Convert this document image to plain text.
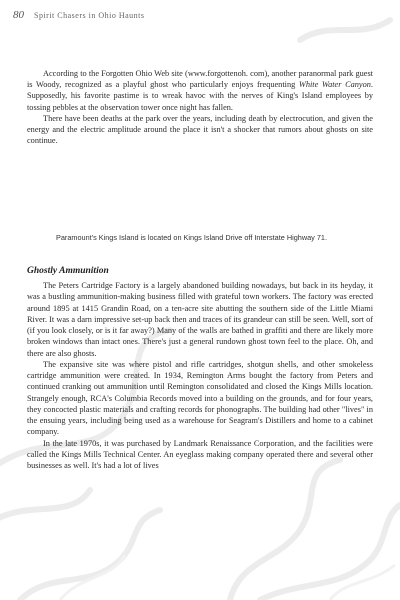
80 Spirit Chasers in Ohio Haunts

According to the Forgotten Ohio Web site (www.forgottenoh. com), another paranormal park guest is Woody, recognized as a playful ghost who particularly enjoys frequenting White Water Canyon. Supposedly, his favorite pastime is to wreak havoc with the nerves of King's Island employees by tossing pebbles at the observation tower once night has fallen.

There have been deaths at the park over the years, including death by electrocution, and given the energy and the electric amplitude around the place it isn't a shocker that rumors about ghosts on site continue.

Paramount's Kings Island is located on Kings Island Drive off Interstate Highway 71.

Ghostly Ammunition

The Peters Cartridge Factory is a largely abandoned building nowadays, but back in its heyday, it was a bustling ammunition-making business filled with grateful town workers. The factory was erected around 1895 at 1415 Grandin Road, on a ten-acre site abutting the southern side of the Little Miami River. It was a darn impressive set-up back then and traces of its grandeur can still be seen. Well, sort of (if you look closely, or is it far away?) Many of the walls are bathed in graffiti and there are likely more broken windows than intact ones. There's just a general rundown ghost town feel to the place. Oh, and there are also ghosts.

The expansive site was where pistol and rifle cartridges, shotgun shells, and other smokeless cartridge ammunition were created. In 1934, Remington Arms bought the factory from Peters and continued cranking out ammunition until Remington consolidated and closed the Kings Mills location. Strangely enough, RCA's Columbia Records moved into a building on the grounds, and for four years, they concocted plastic materials and crafting records for phonographs. The building had other "lives" in the ensuing years, including being used as a warehouse for Seagram's Distillers and home to a cabinet company.

In the late 1970s, it was purchased by Landmark Renaissance Corporation, and the facilities were called the Kings Mills Technical Center. An eyeglass making company operated there and several other businesses as well. It's had a lot of lives
